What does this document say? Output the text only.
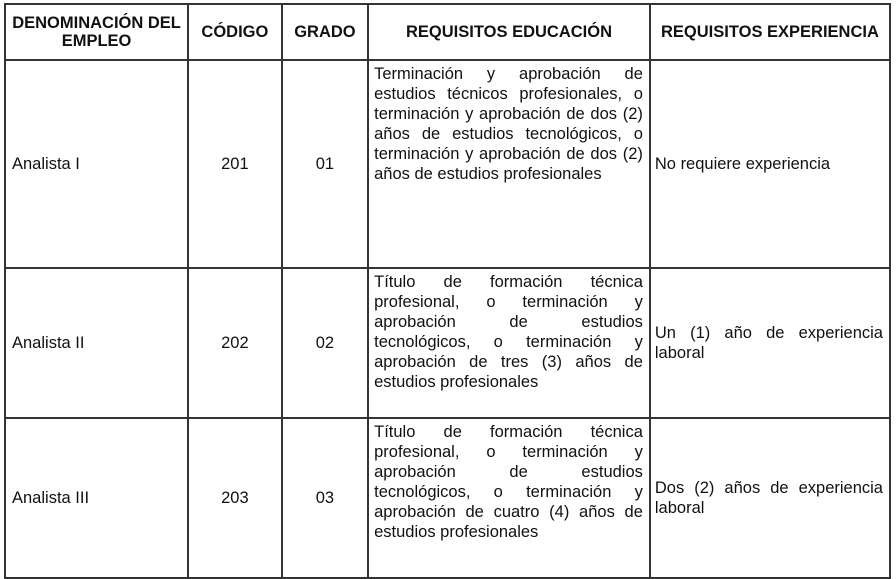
DENOMINACIÓN DEL EMPLEO	CÓDIGO	GRADO	REQUISITOS EDUCACIÓN	REQUISITOS EXPERIENCIA
Analista I	201	01	Terminación y aprobación de estudios técnicos profesionales, o terminación y aprobación de dos (2) años de estudios tecnológicos, o terminación y aprobación de dos (2) años de estudios profesionales	No requiere experiencia
Analista II	202	02	Título de formación técnica profesional, o terminación y aprobación de estudios tecnológicos, o terminación y aprobación de tres (3) años de estudios profesionales	Un (1) año de experiencia laboral
Analista III	203	03	Título de formación técnica profesional, o terminación y aprobación de estudios tecnológicos, o terminación y aprobación de cuatro (4) años de estudios profesionales	Dos (2) años de experiencia laboral
